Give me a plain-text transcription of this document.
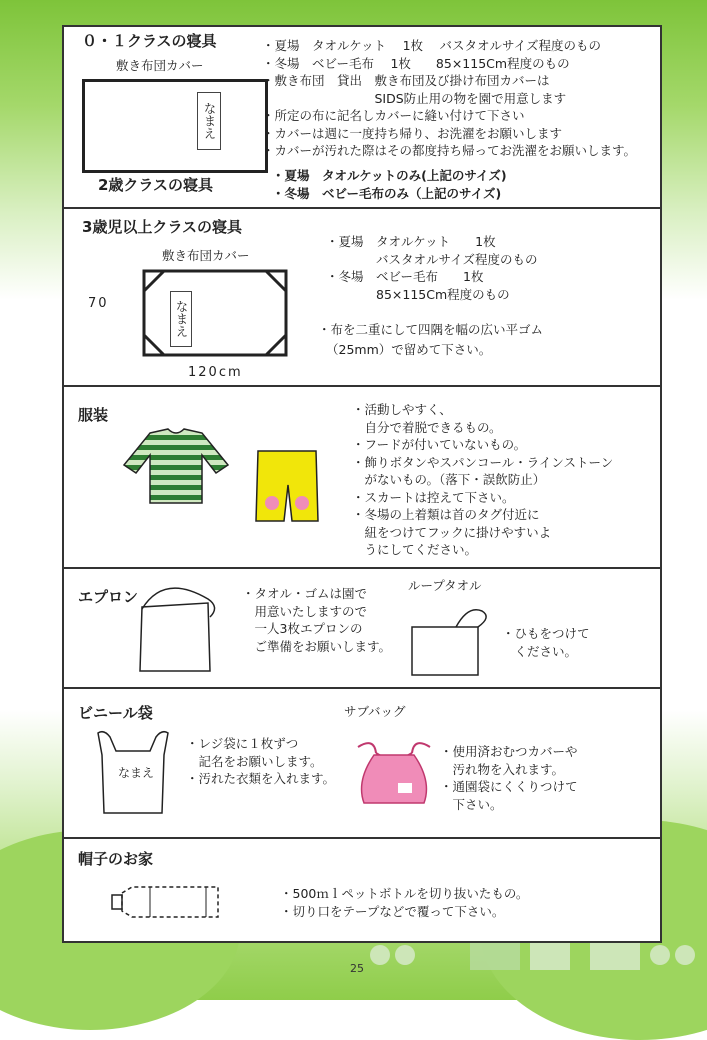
０・１クラスの寝具
敷き布団カバー
なまえ
2歳クラスの寝具
・夏場　タオルケット　 1枚　 バスタオルサイズ程度のもの
・冬場　ベビー毛布　 1枚　　85×115Cm程度のもの
・敷き布団　貸出　敷き布団及び掛け布団カバーは
　　　　　　　　　SIDS防止用の物を園で用意します
・所定の布に記名しカバーに縫い付けて下さい
・カバーは週に一度持ち帰り、お洗濯をお願いします
・カバーが汚れた際はその都度持ち帰ってお洗濯をお願いします。
・夏場　タオルケットのみ(上記のサイズ)
・冬場　ベビー毛布のみ（上記のサイズ)
3歳児以上クラスの寝具
敷き布団カバー
70	なまえ
120cm
・夏場　タオルケット　　1枚
　　　　バスタオルサイズ程度のもの
・冬場　ベビー毛布　　1枚
　　　　85×115Cm程度のもの
・布を二重にして四隅を幅の広い平ゴム
（25mm）で留めて下さい。
服装	・活動しやすく、
　自分で着脱できるもの。
・フードが付いていないもの。
・飾りボタンやスパンコール・ラインストーン
　がないもの。（落下・誤飲防止）
・スカートは控えて下さい。
・冬場の上着類は首のタグ付近に
　紐をつけてフックに掛けやすいよ
　うにしてください。
エプロン	・タオル・ゴムは園で
　用意いたしますので
　一人3枚エプロンの
　ご準備をお願いします。
ループタオル
・ひもをつけて
　ください。
ビニール袋
なまえ
・レジ袋に１枚ずつ
　記名をお願いします。
・汚れた衣類を入れます。
サブバッグ
・使用済おむつカバーや
　汚れ物を入れます。
・通園袋にくくりつけて
　下さい。
帽子のお家
・500ｍｌペットボトルを切り抜いたもの。
・切り口をテープなどで覆って下さい。
25
